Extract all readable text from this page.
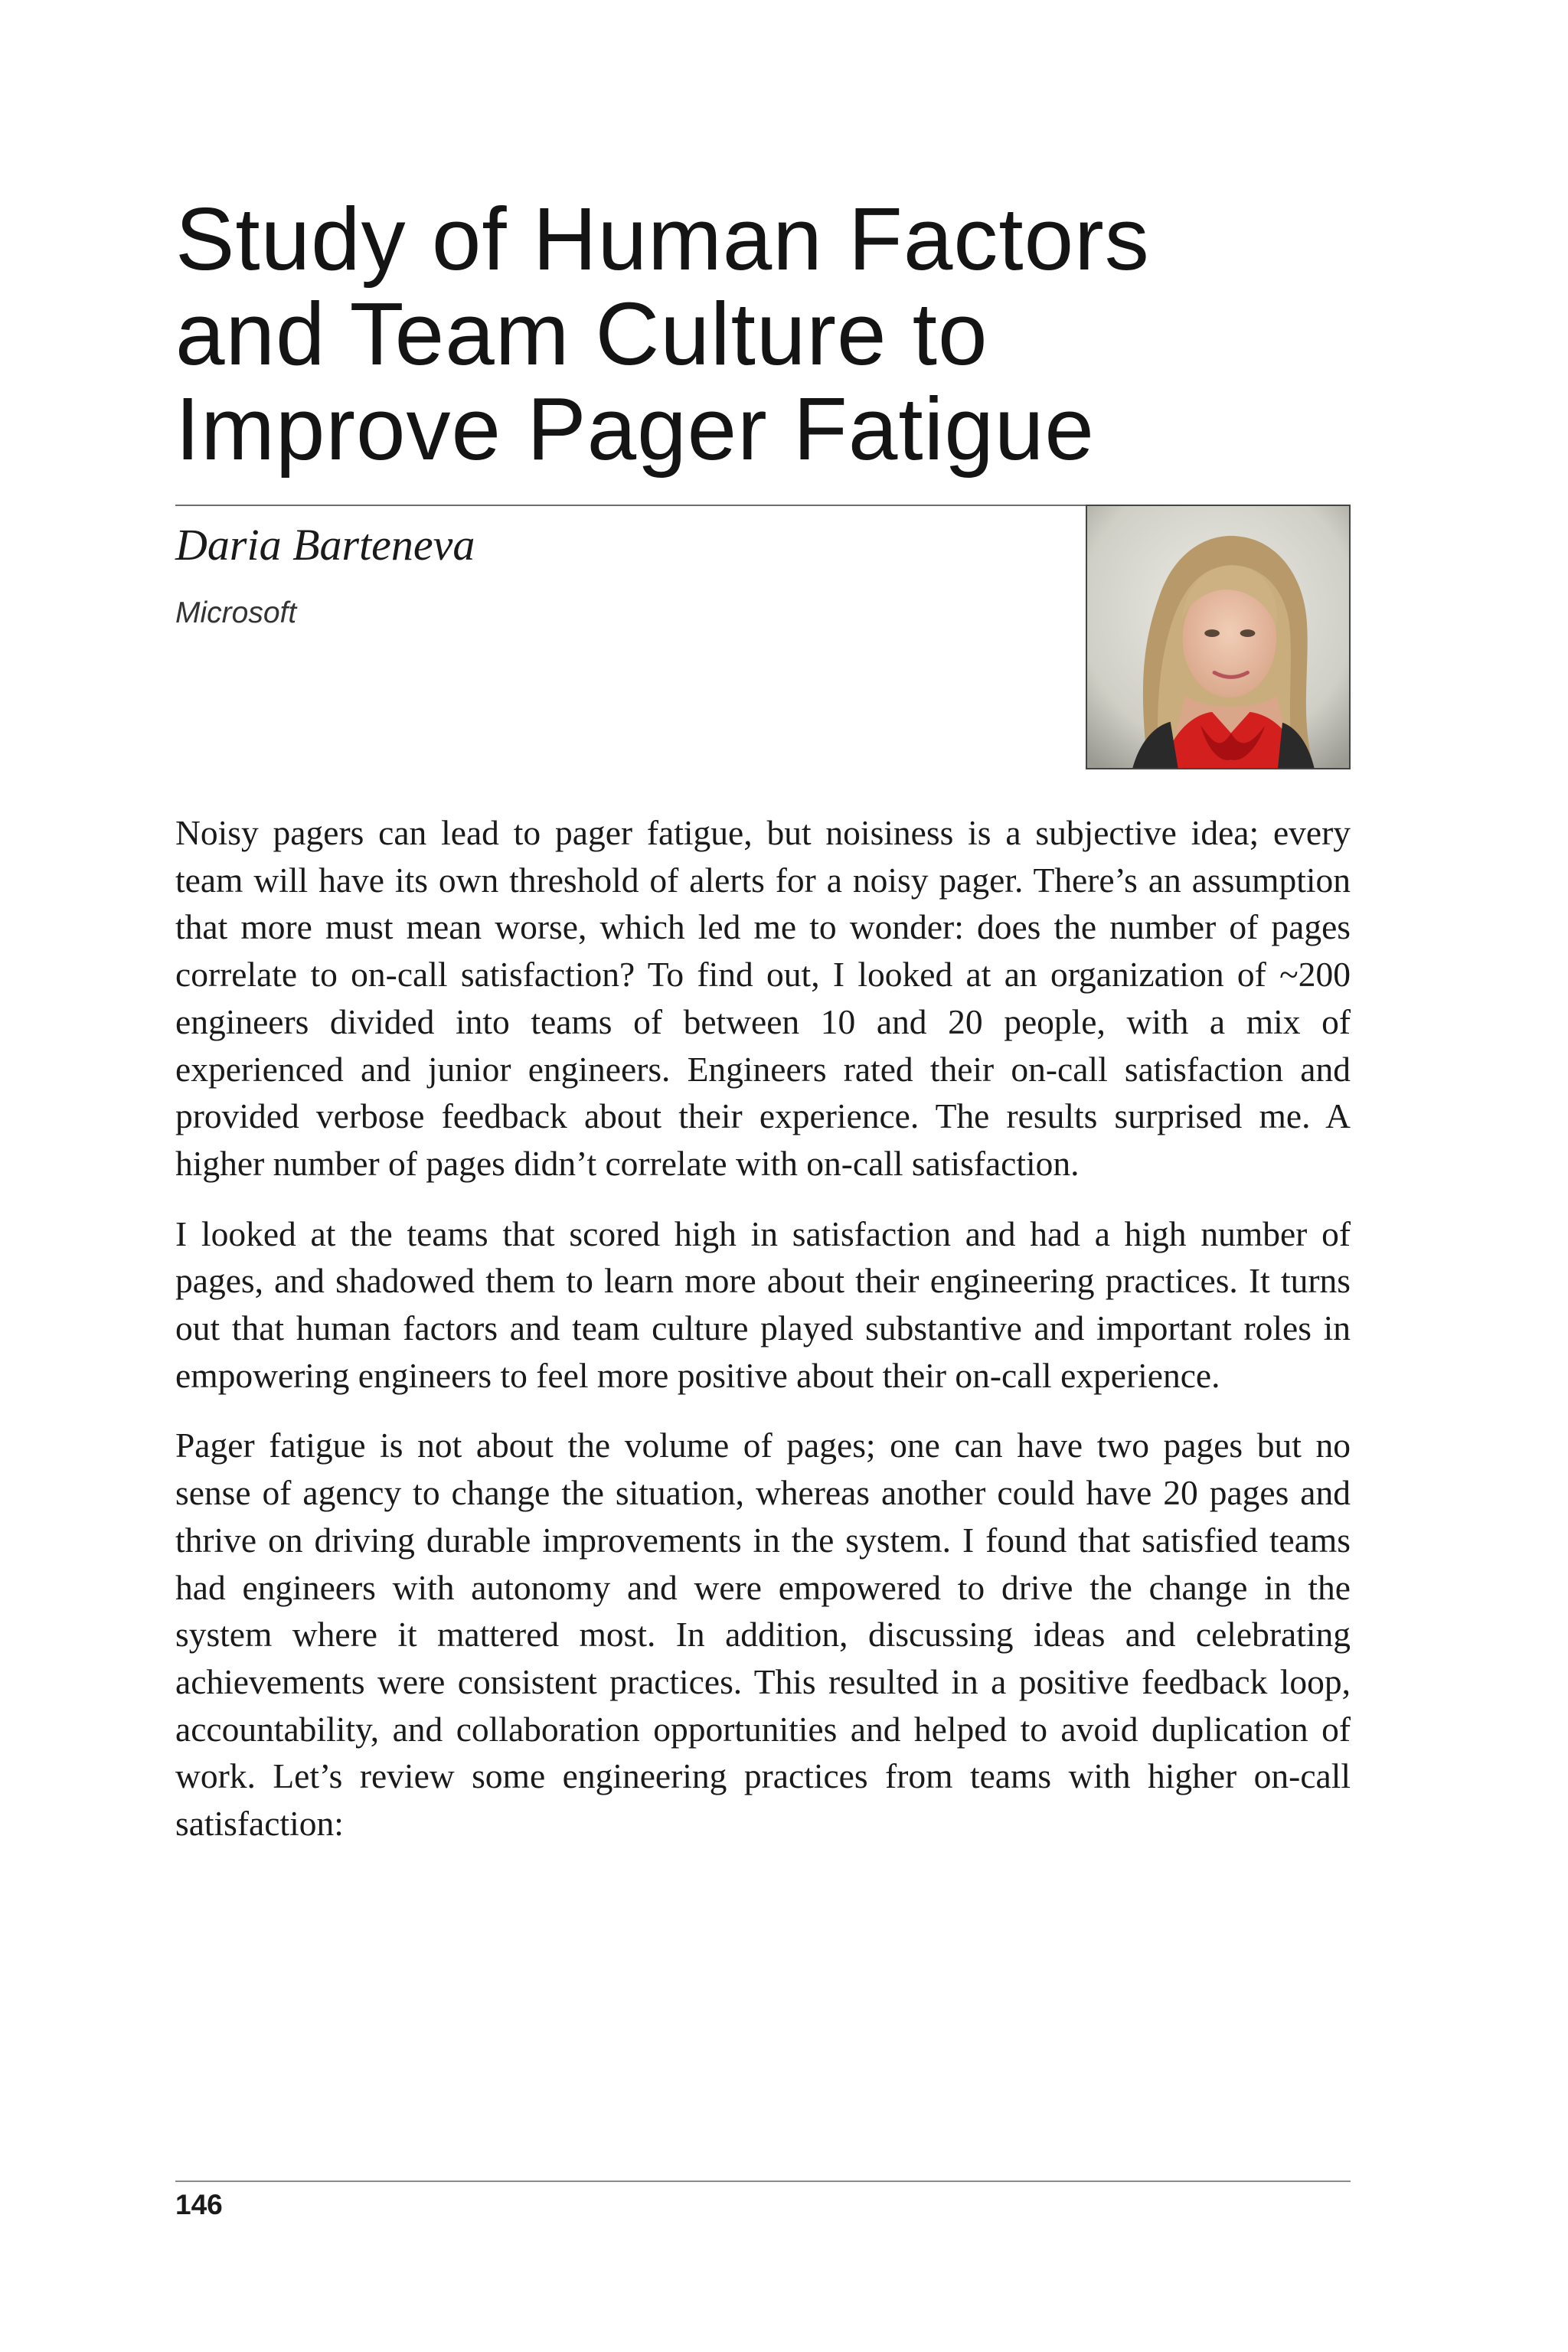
Study of Human Factors
and Team Culture to
Improve Pager Fatigue

Daria Barteneva

Microsoft

Noisy pagers can lead to pager fatigue, but noisiness is a subjective idea; every team will have its own threshold of alerts for a noisy pager. There’s an assumption that more must mean worse, which led me to wonder: does the number of pages correlate to on-call satisfaction? To find out, I looked at an organization of ~200 engineers divided into teams of between 10 and 20 people, with a mix of experienced and junior engineers. Engineers rated their on-call satisfaction and provided verbose feedback about their experience. The results surprised me. A higher number of pages didn’t correlate with on-call satisfaction.

I looked at the teams that scored high in satisfaction and had a high number of pages, and shadowed them to learn more about their engineering practices. It turns out that human factors and team culture played substantive and important roles in empowering engineers to feel more positive about their on-call experience.

Pager fatigue is not about the volume of pages; one can have two pages but no sense of agency to change the situation, whereas another could have 20 pages and thrive on driving durable improvements in the system. I found that satisfied teams had engineers with autonomy and were empowered to drive the change in the system where it mattered most. In addition, discussing ideas and celebrating achievements were consistent practices. This resulted in a positive feedback loop, accountability, and collaboration opportunities and helped to avoid duplication of work. Let’s review some engineering practices from teams with higher on-call satisfaction:

146
